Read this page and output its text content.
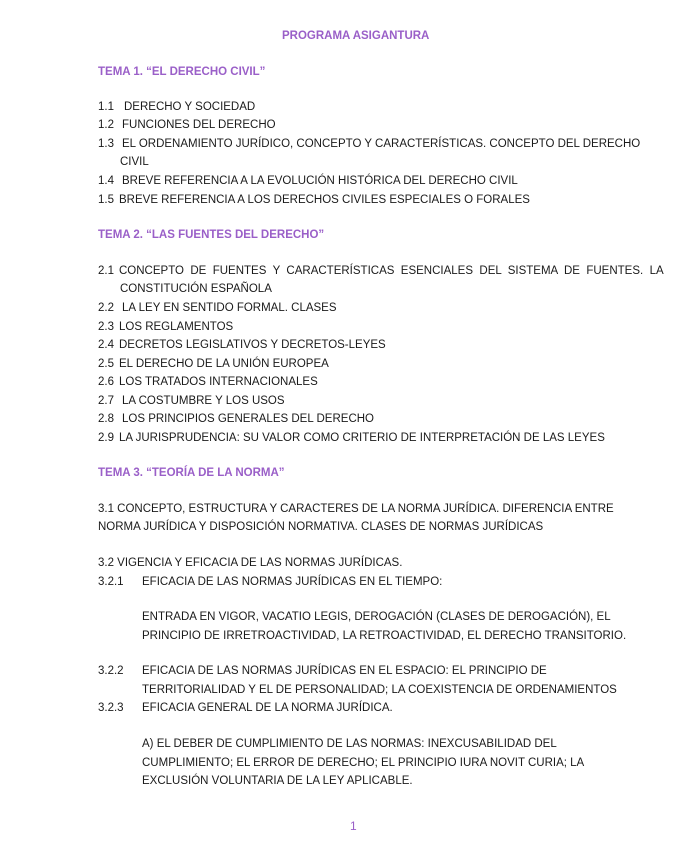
PROGRAMA ASIGANTURA
TEMA 1. “EL DERECHO CIVIL”
1.1 DERECHO Y SOCIEDAD
1.2 FUNCIONES DEL DERECHO
1.3 EL ORDENAMIENTO JURÍDICO, CONCEPTO Y CARACTERÍSTICAS. CONCEPTO DEL DERECHO
CIVIL
1.4 BREVE REFERENCIA A LA EVOLUCIÓN HISTÓRICA DEL DERECHO CIVIL
1.5 BREVE REFERENCIA A LOS DERECHOS CIVILES ESPECIALES O FORALES
TEMA 2. “LAS FUENTES DEL DERECHO”
2.1 CONCEPTO  DE  FUENTES  Y  CARACTERÍSTICAS  ESENCIALES  DEL  SISTEMA  DE  FUENTES.  LA
CONSTITUCIÓN ESPAÑOLA
2.2 LA LEY EN SENTIDO FORMAL. CLASES
2.3 LOS REGLAMENTOS
2.4 DECRETOS LEGISLATIVOS Y DECRETOS-LEYES
2.5 EL DERECHO DE LA UNIÓN EUROPEA
2.6 LOS TRATADOS INTERNACIONALES
2.7 LA COSTUMBRE Y LOS USOS
2.8 LOS PRINCIPIOS GENERALES DEL DERECHO
2.9 LA JURISPRUDENCIA: SU VALOR COMO CRITERIO DE INTERPRETACIÓN DE LAS LEYES
TEMA 3. “TEORÍA DE LA NORMA”
3.1 CONCEPTO, ESTRUCTURA Y CARACTERES DE LA NORMA JURÍDICA. DIFERENCIA ENTRE
NORMA JURÍDICA Y DISPOSICIÓN NORMATIVA. CLASES DE NORMAS JURÍDICAS
3.2 VIGENCIA Y EFICACIA DE LAS NORMAS JURÍDICAS.
3.2.1 EFICACIA DE LAS NORMAS JURÍDICAS EN EL TIEMPO:
ENTRADA EN VIGOR, VACATIO LEGIS, DEROGACIÓN (CLASES DE DEROGACIÓN), EL
PRINCIPIO DE IRRETROACTIVIDAD, LA RETROACTIVIDAD, EL DERECHO TRANSITORIO.
3.2.2 EFICACIA DE LAS NORMAS JURÍDICAS EN EL ESPACIO: EL PRINCIPIO DE
TERRITORIALIDAD Y EL DE PERSONALIDAD; LA COEXISTENCIA DE ORDENAMIENTOS
3.2.3 EFICACIA GENERAL DE LA NORMA JURÍDICA.
A) EL DEBER DE CUMPLIMIENTO DE LAS NORMAS: INEXCUSABILIDAD DEL
CUMPLIMIENTO; EL ERROR DE DERECHO; EL PRINCIPIO IURA NOVIT CURIA; LA
EXCLUSIÓN VOLUNTARIA DE LA LEY APLICABLE.
1
